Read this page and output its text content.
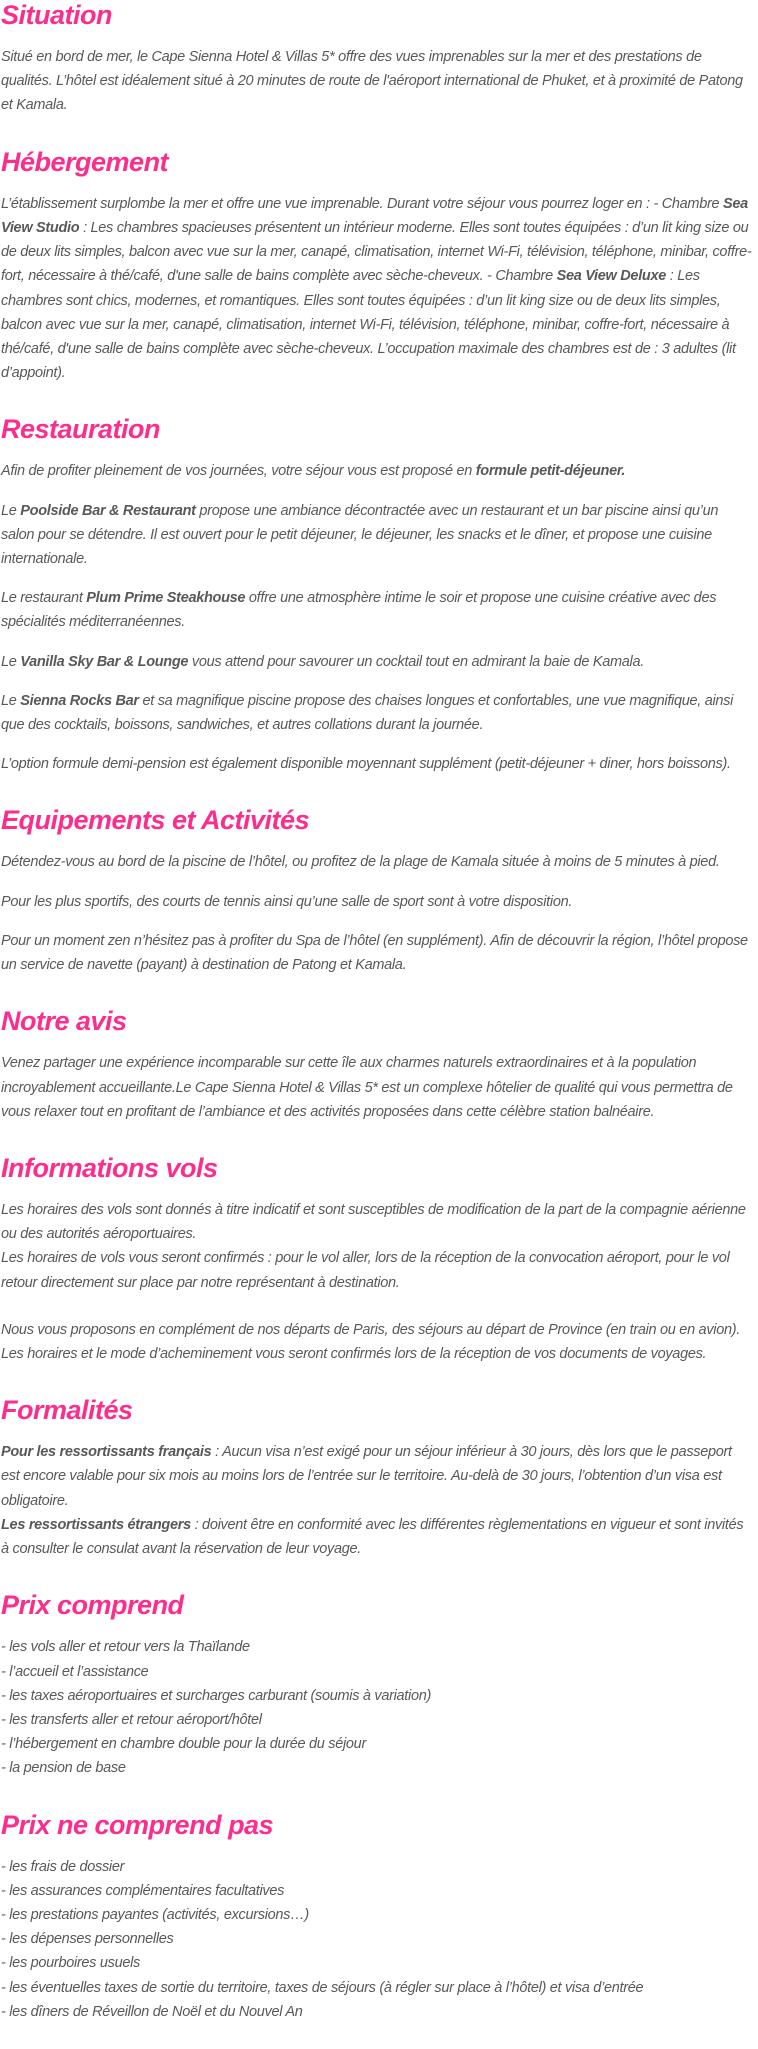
Situation

Situé en bord de mer, le Cape Sienna Hotel & Villas 5* offre des vues imprenables sur la mer et des prestations de qualités. L’hôtel est idéalement situé à 20 minutes de route de l'aéroport international de Phuket, et à proximité de Patong et Kamala.

Hébergement

L’établissement surplombe la mer et offre une vue imprenable. Durant votre séjour vous pourrez loger en : - Chambre Sea View Studio : Les chambres spacieuses présentent un intérieur moderne. Elles sont toutes équipées : d’un lit king size ou de deux lits simples, balcon avec vue sur la mer, canapé, climatisation, internet Wi-Fi, télévision, téléphone, minibar, coffre-fort, nécessaire à thé/café, d'une salle de bains complète avec sèche-cheveux. - Chambre Sea View Deluxe : Les chambres sont chics, modernes, et romantiques. Elles sont toutes équipées : d’un lit king size ou de deux lits simples, balcon avec vue sur la mer, canapé, climatisation, internet Wi-Fi, télévision, téléphone, minibar, coffre-fort, nécessaire à thé/café, d'une salle de bains complète avec sèche-cheveux. L’occupation maximale des chambres est de : 3 adultes (lit d’appoint).

Restauration

Afin de profiter pleinement de vos journées, votre séjour vous est proposé en formule petit-déjeuner.

Le Poolside Bar & Restaurant propose une ambiance décontractée avec un restaurant et un bar piscine ainsi qu’un salon pour se détendre. Il est ouvert pour le petit déjeuner, le déjeuner, les snacks et le dîner, et propose une cuisine internationale.

Le restaurant Plum Prime Steakhouse offre une atmosphère intime le soir et propose une cuisine créative avec des spécialités méditerranéennes.

Le Vanilla Sky Bar & Lounge vous attend pour savourer un cocktail tout en admirant la baie de Kamala.

Le Sienna Rocks Bar et sa magnifique piscine propose des chaises longues et confortables, une vue magnifique, ainsi que des cocktails, boissons, sandwiches, et autres collations durant la journée.

L’option formule demi-pension est également disponible moyennant supplément (petit-déjeuner + diner, hors boissons).

Equipements et Activités

Détendez-vous au bord de la piscine de l’hôtel, ou profitez de la plage de Kamala située à moins de 5 minutes à pied.

Pour les plus sportifs, des courts de tennis ainsi qu’une salle de sport sont à votre disposition.

Pour un moment zen n’hésitez pas à profiter du Spa de l’hôtel (en supplément). Afin de découvrir la région, l’hôtel propose un service de navette (payant) à destination de Patong et Kamala.

Notre avis

Venez partager une expérience incomparable sur cette île aux charmes naturels extraordinaires et à la population incroyablement accueillante.Le Cape Sienna Hotel & Villas 5* est un complexe hôtelier de qualité qui vous permettra de vous relaxer tout en profitant de l’ambiance et des activités proposées dans cette célèbre station balnéaire.

Informations vols

Les horaires des vols sont donnés à titre indicatif et sont susceptibles de modification de la part de la compagnie aérienne ou des autorités aéroportuaires.
Les horaires de vols vous seront confirmés : pour le vol aller, lors de la réception de la convocation aéroport, pour le vol retour directement sur place par notre représentant à destination.

Nous vous proposons en complément de nos départs de Paris, des séjours au départ de Province (en train ou en avion).
Les horaires et le mode d’acheminement vous seront confirmés lors de la réception de vos documents de voyages.

Formalités

Pour les ressortissants français : Aucun visa n’est exigé pour un séjour inférieur à 30 jours, dès lors que le passeport est encore valable pour six mois au moins lors de l’entrée sur le territoire. Au-delà de 30 jours, l’obtention d’un visa est obligatoire.
Les ressortissants étrangers : doivent être en conformité avec les différentes règlementations en vigueur et sont invités à consulter le consulat avant la réservation de leur voyage.

Prix comprend

- les vols aller et retour vers la Thaïlande
- l’accueil et l’assistance
- les taxes aéroportuaires et surcharges carburant (soumis à variation)
- les transferts aller et retour aéroport/hôtel
- l’hébergement en chambre double pour la durée du séjour
- la pension de base

Prix ne comprend pas

- les frais de dossier
- les assurances complémentaires facultatives
- les prestations payantes (activités, excursions…)
- les dépenses personnelles
- les pourboires usuels
- les éventuelles taxes de sortie du territoire, taxes de séjours (à régler sur place à l’hôtel) et visa d’entrée
- les dîners de Réveillon de Noël et du Nouvel An
